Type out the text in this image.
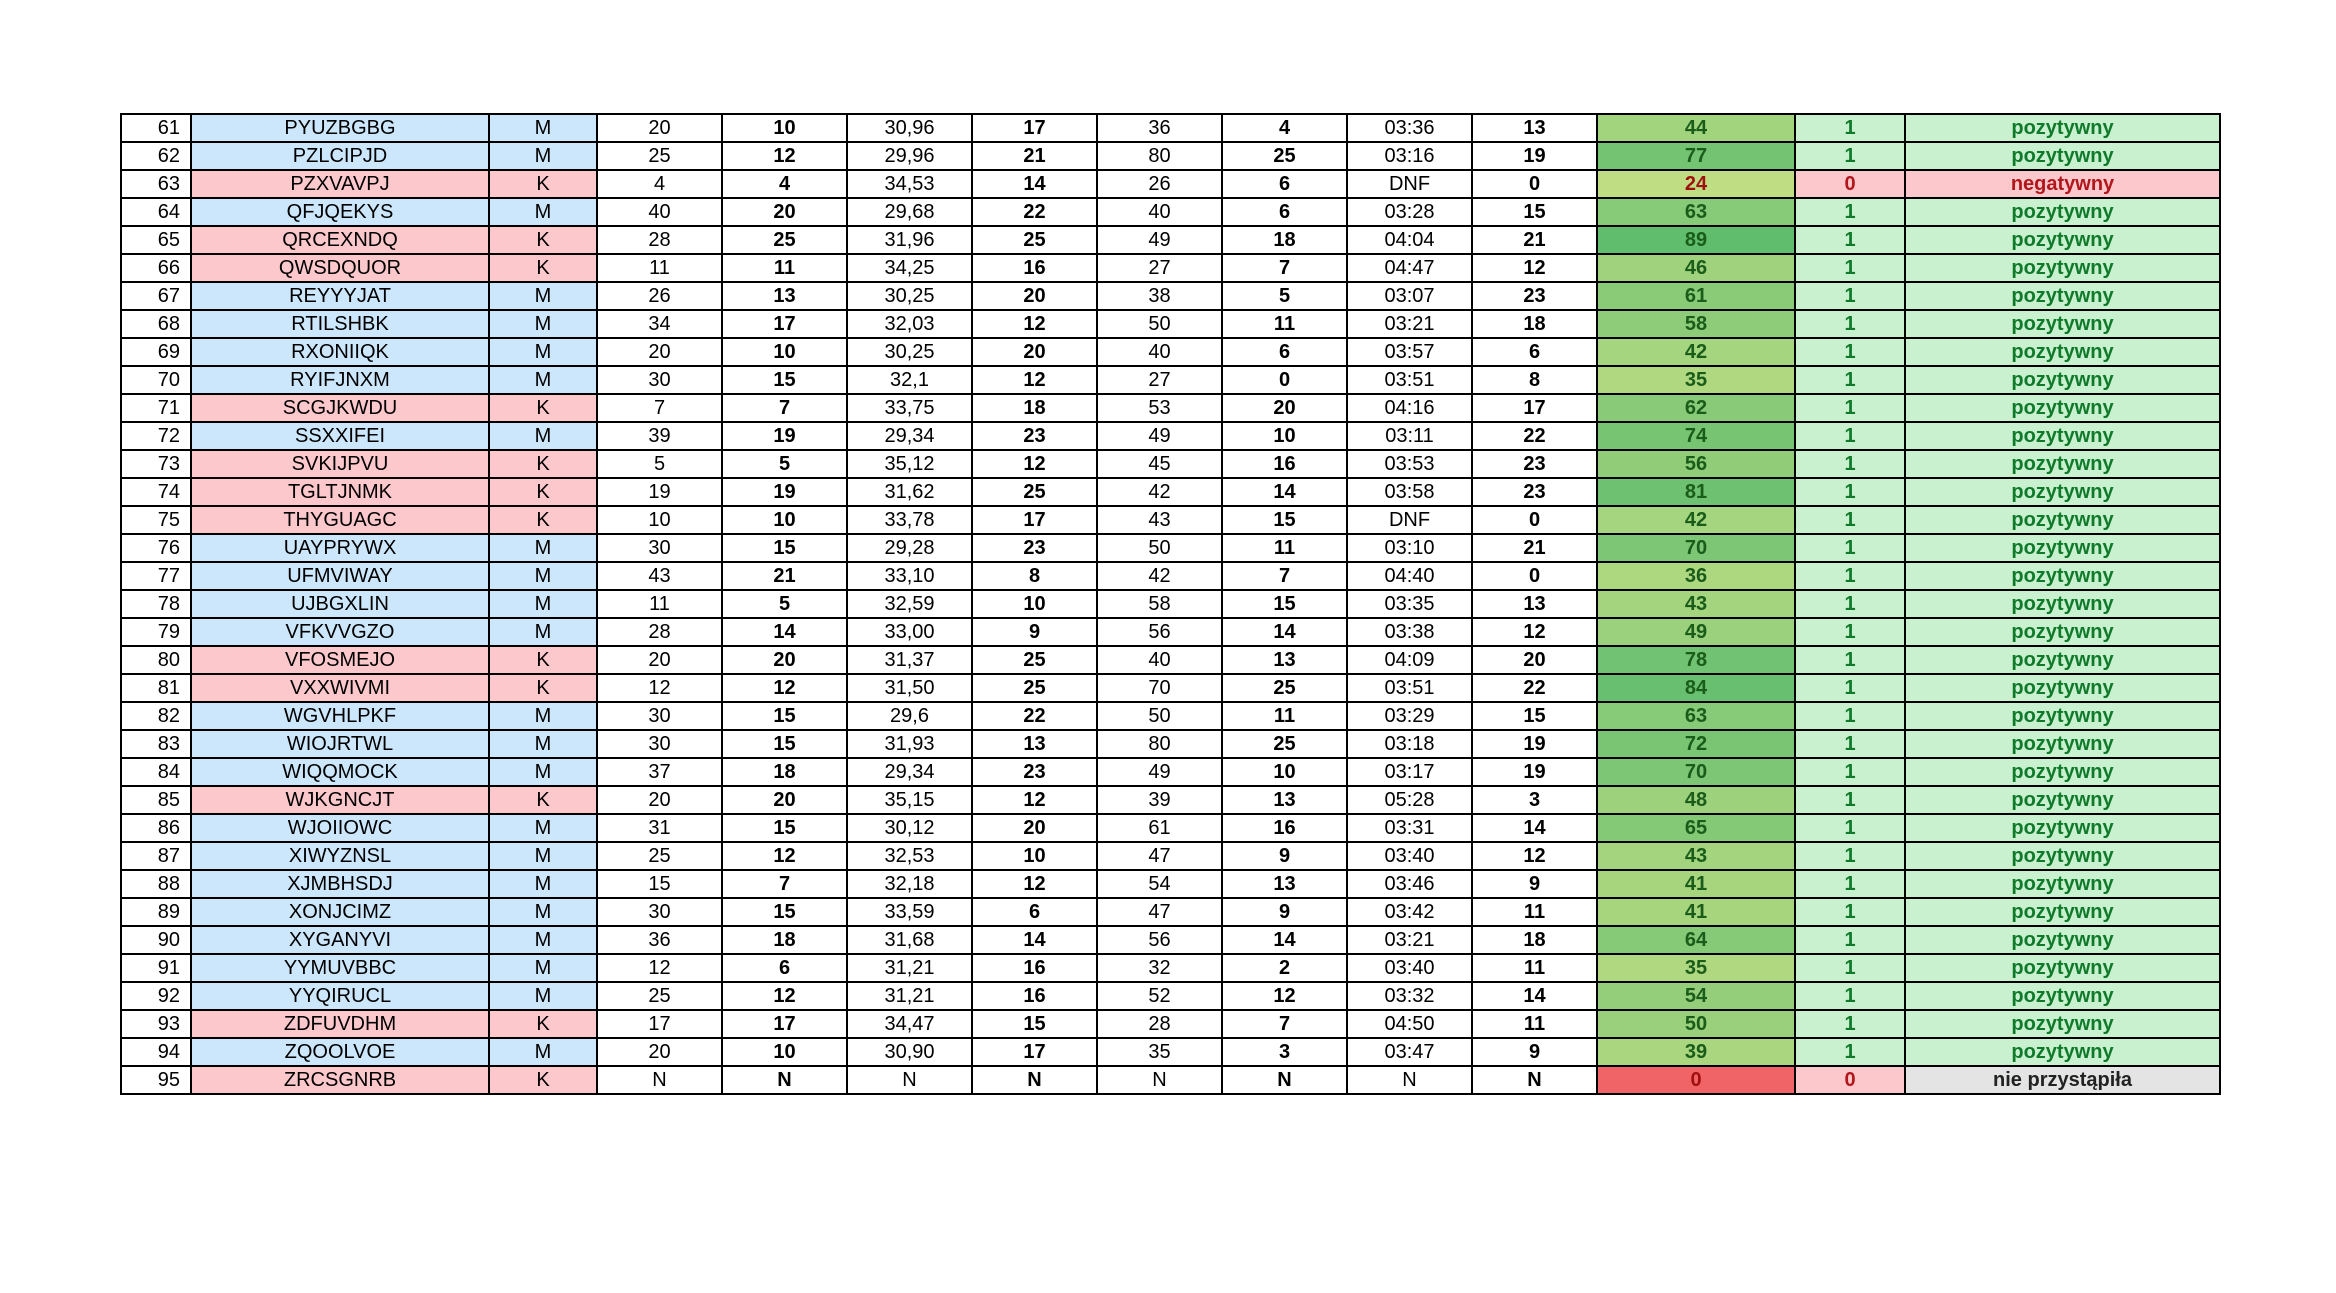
61	PYUZBGBG	M	20	10	30,96	17	36	4	03:36	13	44	1	pozytywny
62	PZLCIPJD	M	25	12	29,96	21	80	25	03:16	19	77	1	pozytywny
63	PZXVAVPJ	K	4	4	34,53	14	26	6	DNF	0	24	0	negatywny
64	QFJQEKYS	M	40	20	29,68	22	40	6	03:28	15	63	1	pozytywny
65	QRCEXNDQ	K	28	25	31,96	25	49	18	04:04	21	89	1	pozytywny
66	QWSDQUOR	K	11	11	34,25	16	27	7	04:47	12	46	1	pozytywny
67	REYYYJAT	M	26	13	30,25	20	38	5	03:07	23	61	1	pozytywny
68	RTILSHBK	M	34	17	32,03	12	50	11	03:21	18	58	1	pozytywny
69	RXONIIQK	M	20	10	30,25	20	40	6	03:57	6	42	1	pozytywny
70	RYIFJNXM	M	30	15	32,1	12	27	0	03:51	8	35	1	pozytywny
71	SCGJKWDU	K	7	7	33,75	18	53	20	04:16	17	62	1	pozytywny
72	SSXXIFEI	M	39	19	29,34	23	49	10	03:11	22	74	1	pozytywny
73	SVKIJPVU	K	5	5	35,12	12	45	16	03:53	23	56	1	pozytywny
74	TGLTJNMK	K	19	19	31,62	25	42	14	03:58	23	81	1	pozytywny
75	THYGUAGC	K	10	10	33,78	17	43	15	DNF	0	42	1	pozytywny
76	UAYPRYWX	M	30	15	29,28	23	50	11	03:10	21	70	1	pozytywny
77	UFMVIWAY	M	43	21	33,10	8	42	7	04:40	0	36	1	pozytywny
78	UJBGXLIN	M	11	5	32,59	10	58	15	03:35	13	43	1	pozytywny
79	VFKVVGZO	M	28	14	33,00	9	56	14	03:38	12	49	1	pozytywny
80	VFOSMEJO	K	20	20	31,37	25	40	13	04:09	20	78	1	pozytywny
81	VXXWIVMI	K	12	12	31,50	25	70	25	03:51	22	84	1	pozytywny
82	WGVHLPKF	M	30	15	29,6	22	50	11	03:29	15	63	1	pozytywny
83	WIOJRTWL	M	30	15	31,93	13	80	25	03:18	19	72	1	pozytywny
84	WIQQMOCK	M	37	18	29,34	23	49	10	03:17	19	70	1	pozytywny
85	WJKGNCJT	K	20	20	35,15	12	39	13	05:28	3	48	1	pozytywny
86	WJOIIOWC	M	31	15	30,12	20	61	16	03:31	14	65	1	pozytywny
87	XIWYZNSL	M	25	12	32,53	10	47	9	03:40	12	43	1	pozytywny
88	XJMBHSDJ	M	15	7	32,18	12	54	13	03:46	9	41	1	pozytywny
89	XONJCIMZ	M	30	15	33,59	6	47	9	03:42	11	41	1	pozytywny
90	XYGANYVI	M	36	18	31,68	14	56	14	03:21	18	64	1	pozytywny
91	YYMUVBBC	M	12	6	31,21	16	32	2	03:40	11	35	1	pozytywny
92	YYQIRUCL	M	25	12	31,21	16	52	12	03:32	14	54	1	pozytywny
93	ZDFUVDHM	K	17	17	34,47	15	28	7	04:50	11	50	1	pozytywny
94	ZQOOLVOE	M	20	10	30,90	17	35	3	03:47	9	39	1	pozytywny
95	ZRCSGNRB	K	N	N	N	N	N	N	N	N	0	0	nie przystąpiła
